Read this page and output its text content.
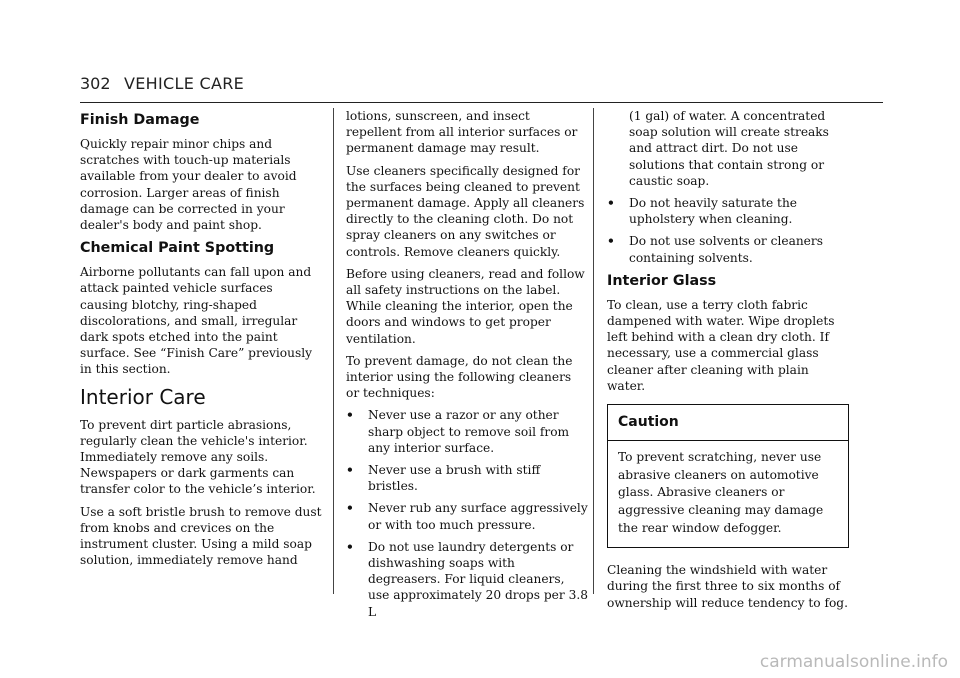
302 VEHICLE CARE
Finish Damage

Quickly repair minor chips and scratches with touch-up materials available from your dealer to avoid corrosion. Larger areas of finish damage can be corrected in your dealer's body and paint shop.

Chemical Paint Spotting

Airborne pollutants can fall upon and attack painted vehicle surfaces causing blotchy, ring-shaped discolorations, and small, irregular dark spots etched into the paint surface. See “Finish Care” previously in this section.

Interior Care

To prevent dirt particle abrasions, regularly clean the vehicle's interior. Immediately remove any soils. Newspapers or dark garments can transfer color to the vehicle’s interior.

Use a soft bristle brush to remove dust from knobs and crevices on the instrument cluster. Using a mild soap solution, immediately remove hand

lotions, sunscreen, and insect repellent from all interior surfaces or permanent damage may result.

Use cleaners specifically designed for the surfaces being cleaned to prevent permanent damage. Apply all cleaners directly to the cleaning cloth. Do not spray cleaners on any switches or controls. Remove cleaners quickly.

Before using cleaners, read and follow all safety instructions on the label. While cleaning the interior, open the doors and windows to get proper ventilation.

To prevent damage, do not clean the interior using the following cleaners or techniques:

• Never use a razor or any other sharp object to remove soil from any interior surface.
• Never use a brush with stiff bristles.
• Never rub any surface aggressively or with too much pressure.
• Do not use laundry detergents or dishwashing soaps with degreasers. For liquid cleaners, use approximately 20 drops per 3.8 L

(1 gal) of water. A concentrated soap solution will create streaks and attract dirt. Do not use solutions that contain strong or caustic soap.

• Do not heavily saturate the upholstery when cleaning.
• Do not use solvents or cleaners containing solvents.
Interior Glass

To clean, use a terry cloth fabric dampened with water. Wipe droplets left behind with a clean dry cloth. If necessary, use a commercial glass cleaner after cleaning with plain water.

Caution
To prevent scratching, never use abrasive cleaners on automotive glass. Abrasive cleaners or aggressive cleaning may damage the rear window defogger.

Cleaning the windshield with water during the first three to six months of ownership will reduce tendency to fog.

carmanualsonline.info
